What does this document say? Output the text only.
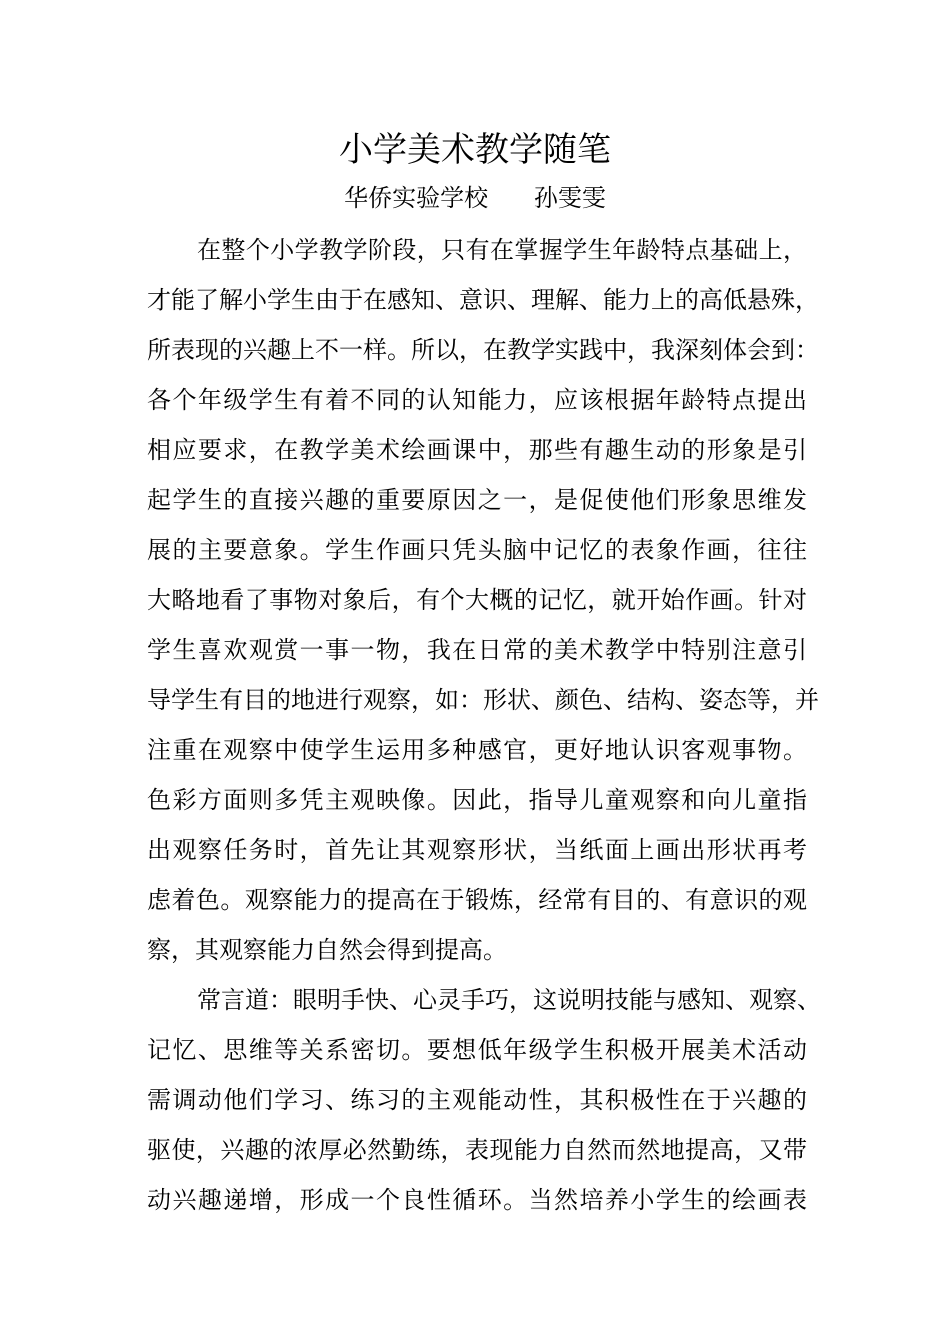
小学美术教学随笔
华侨实验学校 孙雯雯
在整个小学教学阶段，只有在掌握学生年龄特点基础上，
才能了解小学生由于在感知、意识、理解、能力上的高低悬殊，
所表现的兴趣上不一样。所以，在教学实践中，我深刻体会到：
各个年级学生有着不同的认知能力，应该根据年龄特点提出
相应要求，在教学美术绘画课中，那些有趣生动的形象是引
起学生的直接兴趣的重要原因之一，是促使他们形象思维发
展的主要意象。学生作画只凭头脑中记忆的表象作画，往往
大略地看了事物对象后，有个大概的记忆，就开始作画。针对
学生喜欢观赏一事一物，我在日常的美术教学中特别注意引
导学生有目的地进行观察，如：形状、颜色、结构、姿态等，并
注重在观察中使学生运用多种感官，更好地认识客观事物。
色彩方面则多凭主观映像。因此，指导儿童观察和向儿童指
出观察任务时，首先让其观察形状，当纸面上画出形状再考
虑着色。观察能力的提高在于锻炼，经常有目的、有意识的观
察，其观察能力自然会得到提高。
常言道：眼明手快、心灵手巧，这说明技能与感知、观察、
记忆、思维等关系密切。要想低年级学生积极开展美术活动
需调动他们学习、练习的主观能动性，其积极性在于兴趣的
驱使，兴趣的浓厚必然勤练，表现能力自然而然地提高，又带
动兴趣递增，形成一个良性循环。当然培养小学生的绘画表
